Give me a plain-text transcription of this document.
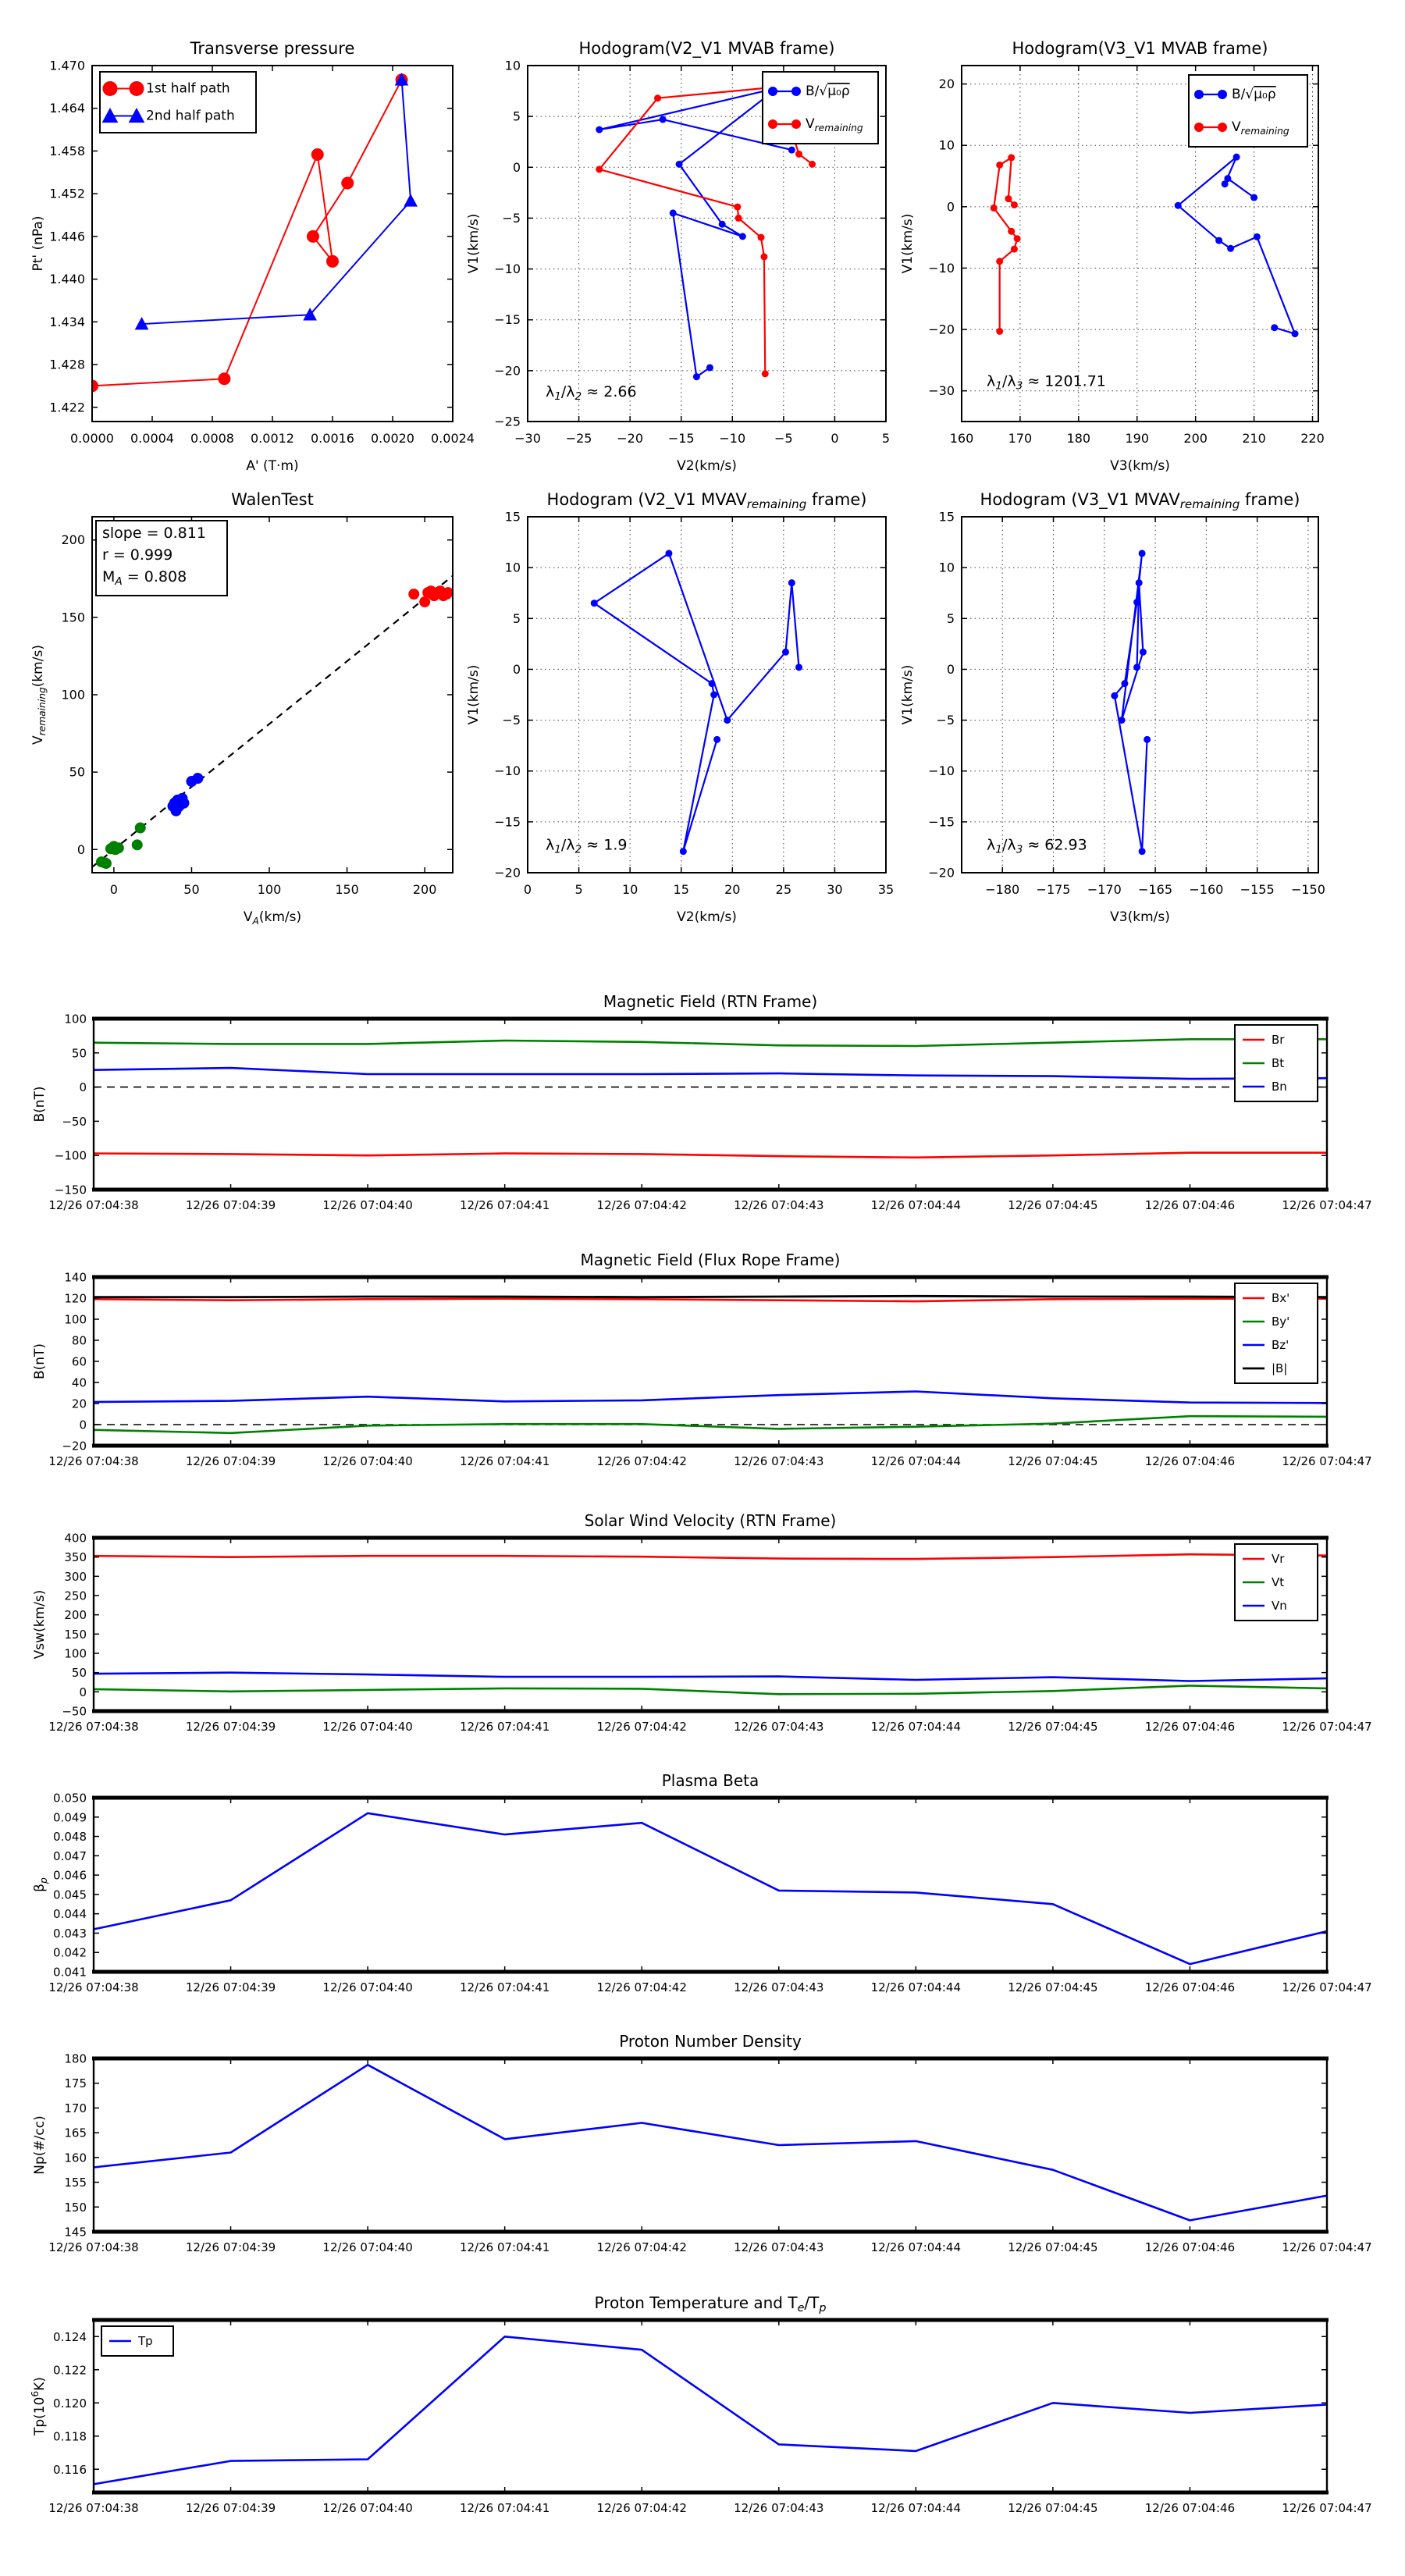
0.0000 0.0004 0.0008 0.0012 0.0016 0.0020 0.0024
1.422
1.428
1.434
1.440
1.446
1.452
1.458
1.464
1.470
Transverse pressure
A' (T·m)
Pt' (nPa)
1st half path
2nd half path
−30 −25 −20 −15 −10 −5	0	5
−25
−20
−15
−10
−5
0
5
10
Hodogram(V2_V1 MVAB frame)
V2(km/s)
V1(km/s)
B/√μ₀ρ
$V_{remaining}$
$\lambda_1/\lambda_2 \approx 2.66$
160	170	180	190	200	210	220
−30
−20
−10
0
10
20
Hodogram(V3_V1 MVAB frame)
V3(km/s)
V1(km/s)
B/√μ₀ρ
$V_{remaining}$
$\lambda_1/\lambda_3 \approx 1201.71$
0	50	100	150	200
0
50
100
150
200
WalenTest
$V_A(km/s)$
$V_{remaining}(km/s)$
slope = 0.811
r = 0.999
$M_A = 0.808$
0	5	10	15	20	25	30	35
−20
−15
−10
−5
0
5
10
15
Hodogram (V2_V1 MVAVremaining frame)
V2(km/s)
V1(km/s)
$\lambda_1/\lambda_2 \approx 1.9$
−180 −175 −170 −165 −160 −155 −150
−20
−15
−10
−5
0
5
10
15
Hodogram (V3_V1 MVAVremaining frame)
V3(km/s)
V1(km/s)
$\lambda_1/\lambda_3 \approx 62.93$
12/26 07:04:38	12/26 07:04:39	12/26 07:04:40	12/26 07:04:41	12/26 07:04:42	12/26 07:04:43	12/26 07:04:44	12/26 07:04:45	12/26 07:04:46	12/26 07:04:47
−150
−100
−50
0
50
100
Magnetic Field (RTN Frame)
B(nT)
Br
Bt
Bn
12/26 07:04:38	12/26 07:04:39	12/26 07:04:40	12/26 07:04:41	12/26 07:04:42	12/26 07:04:43	12/26 07:04:44	12/26 07:04:45	12/26 07:04:46	12/26 07:04:47
−20
0
20
40
60
80
100
120
140
Magnetic Field (Flux Rope Frame)
B(nT)
Bx'
By'
Bz'
|B|
12/26 07:04:38	12/26 07:04:39	12/26 07:04:40	12/26 07:04:41	12/26 07:04:42	12/26 07:04:43	12/26 07:04:44	12/26 07:04:45	12/26 07:04:46	12/26 07:04:47
−50
0
50
100
150
200
250
300
350
400
Solar Wind Velocity (RTN Frame)
Vsw(km/s)
Vr
Vt
Vn
12/26 07:04:38	12/26 07:04:39	12/26 07:04:40	12/26 07:04:41	12/26 07:04:42	12/26 07:04:43	12/26 07:04:44	12/26 07:04:45	12/26 07:04:46	12/26 07:04:47
0.041
0.042
0.043
0.044
0.045
0.046
0.047
0.048
0.049
0.050
Plasma Beta
$\beta_p$
12/26 07:04:38	12/26 07:04:39	12/26 07:04:40	12/26 07:04:41	12/26 07:04:42	12/26 07:04:43	12/26 07:04:44	12/26 07:04:45	12/26 07:04:46	12/26 07:04:47
145
150
155
160
165
170
175
180
Proton Number Density
Np(#/cc)
12/26 07:04:38	12/26 07:04:39	12/26 07:04:40	12/26 07:04:41	12/26 07:04:42	12/26 07:04:43	12/26 07:04:44	12/26 07:04:45	12/26 07:04:46	12/26 07:04:47
0.116
0.118
0.120
0.122
0.124
Proton Temperature and $T_e/T_p$
$Tp(10^6K)$
Tp
